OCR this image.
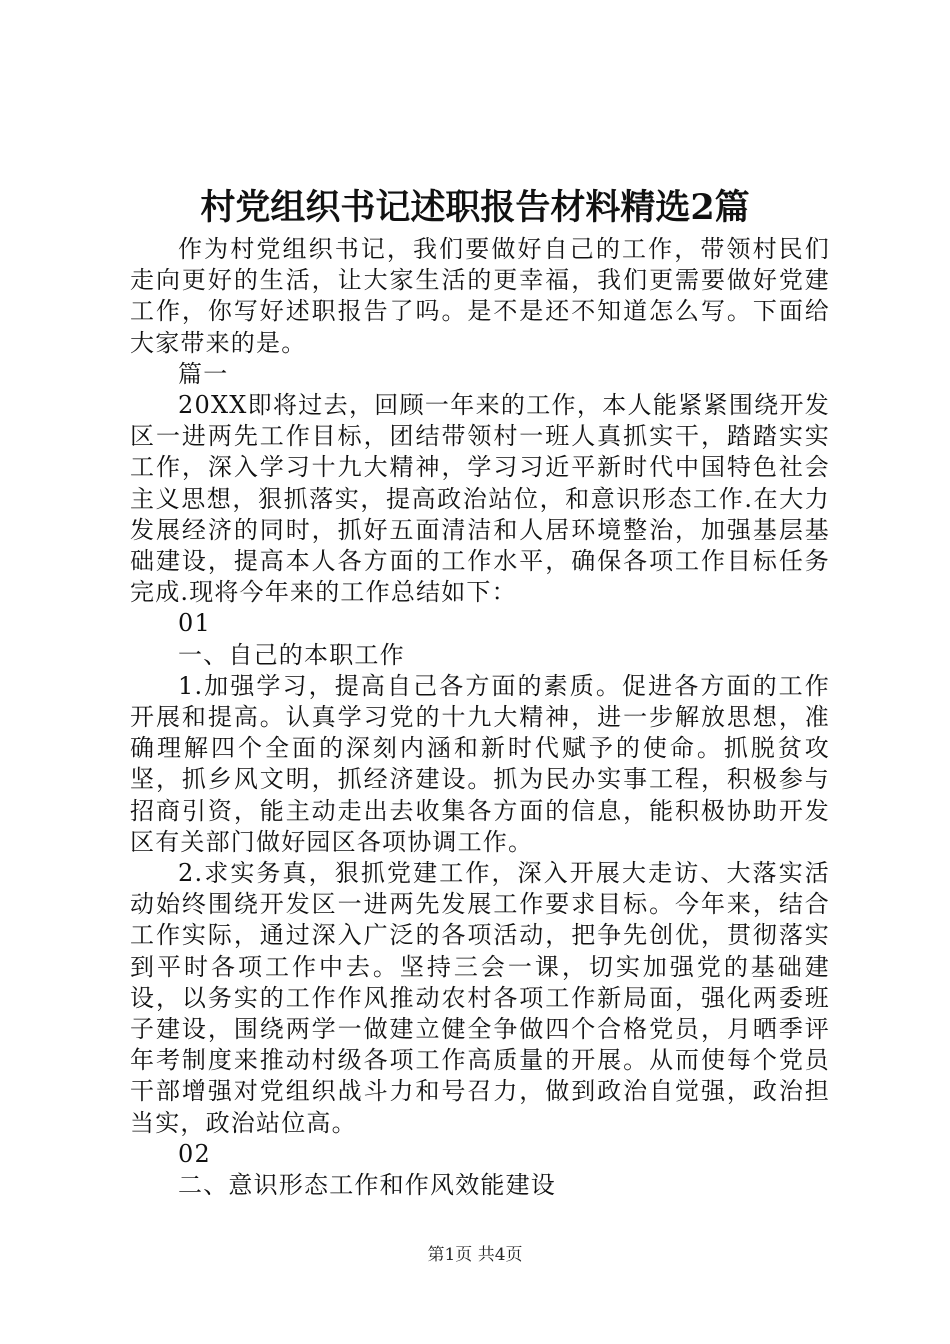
村党组织书记述职报告材料精选2篇

作为村党组织书记，我们要做好自己的工作，带领村民们走向更好的生活，让大家生活的更幸福，我们更需要做好党建工作，你写好述职报告了吗。是不是还不知道怎么写。下面给大家带来的是。

篇一

20XX即将过去，回顾一年来的工作，本人能紧紧围绕开发区一进两先工作目标，团结带领村一班人真抓实干，踏踏实实工作，深入学习十九大精神，学习习近平新时代中国特色社会主义思想，狠抓落实，提高政治站位，和意识形态工作.在大力发展经济的同时，抓好五面清洁和人居环境整治，加强基层基础建设，提高本人各方面的工作水平，确保各项工作目标任务完成.现将今年来的工作总结如下：

01

一、自己的本职工作

1.加强学习，提高自己各方面的素质。促进各方面的工作开展和提高。认真学习党的十九大精神，进一步解放思想，准确理解四个全面的深刻内涵和新时代赋予的使命。抓脱贫攻坚，抓乡风文明，抓经济建设。抓为民办实事工程，积极参与招商引资，能主动走出去收集各方面的信息，能积极协助开发区有关部门做好园区各项协调工作。

2.求实务真，狠抓党建工作，深入开展大走访、大落实活动始终围绕开发区一进两先发展工作要求目标。今年来，结合工作实际，通过深入广泛的各项活动，把争先创优，贯彻落实到平时各项工作中去。坚持三会一课，切实加强党的基础建设，以务实的工作作风推动农村各项工作新局面，强化两委班子建设，围绕两学一做建立健全争做四个合格党员，月晒季评年考制度来推动村级各项工作高质量的开展。从而使每个党员干部增强对党组织战斗力和号召力，做到政治自觉强，政治担当实，政治站位高。

02

二、意识形态工作和作风效能建设

第1页 共4页
